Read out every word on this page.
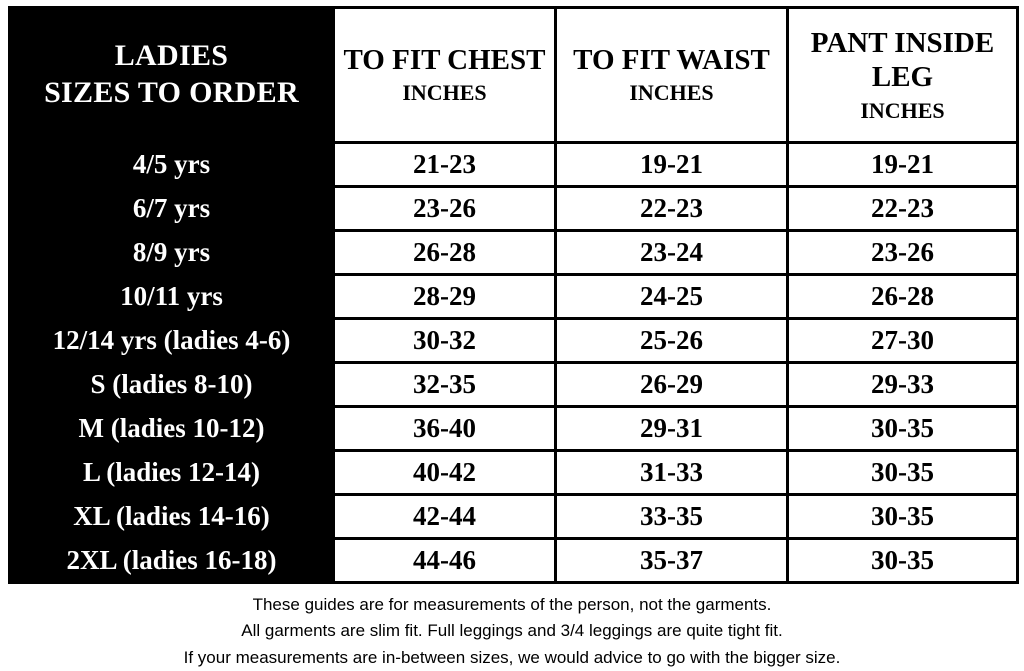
LADIES
SIZES TO ORDER

TO FIT CHEST
INCHES

TO FIT WAIST
INCHES

PANT INSIDE LEG
INCHES

4/5 yrs	21-23	19-21	19-21
6/7 yrs	23-26	22-23	22-23
8/9 yrs	26-28	23-24	23-26
10/11 yrs	28-29	24-25	26-28
12/14 yrs (ladies 4-6)	30-32	25-26	27-30
S (ladies 8-10)	32-35	26-29	29-33
M (ladies 10-12)	36-40	29-31	30-35
L (ladies 12-14)	40-42	31-33	30-35
XL (ladies 14-16)	42-44	33-35	30-35
2XL (ladies 16-18)	44-46	35-37	30-35
These guides are for measurements of the person, not the garments.
All garments are slim fit. Full leggings and 3/4 leggings are quite tight fit.
If your measurements are in-between sizes, we would advice to go with the bigger size.
